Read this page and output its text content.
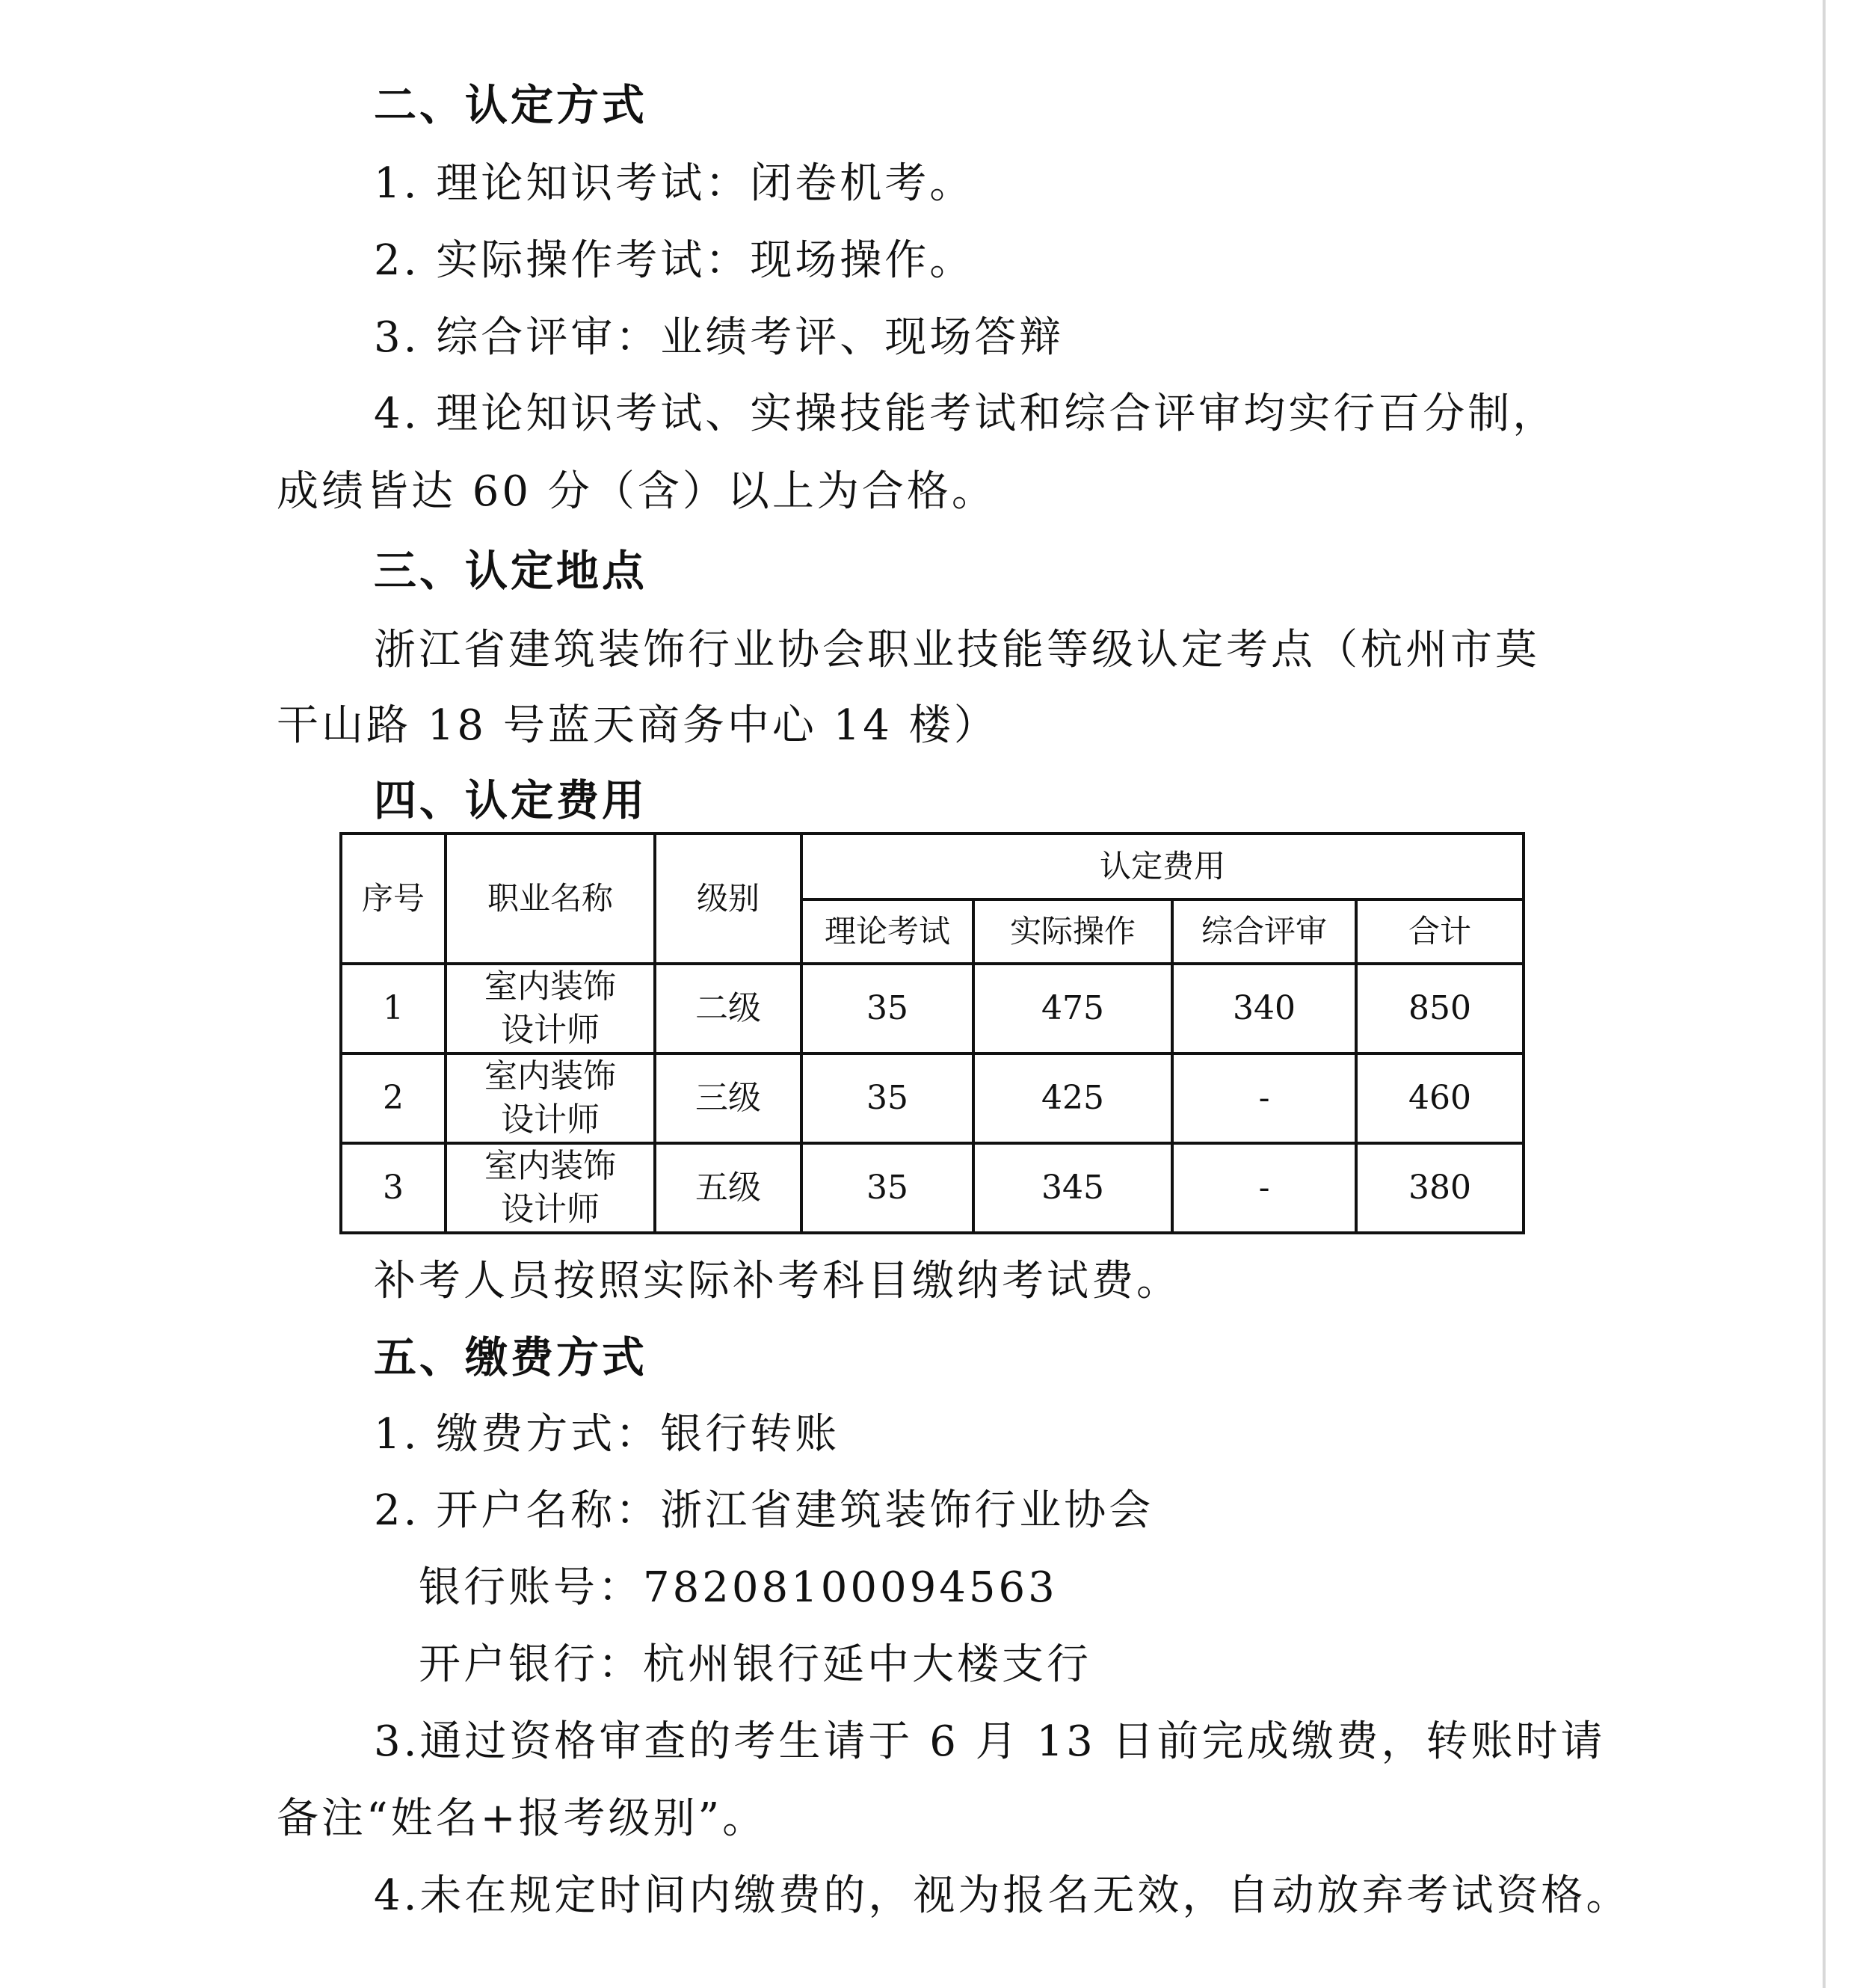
二、认定方式
1. 理论知识考试：闭卷机考。
2. 实际操作考试：现场操作。
3. 综合评审：业绩考评、现场答辩
4. 理论知识考试、实操技能考试和综合评审均实行百分制，
成绩皆达 60 分（含）以上为合格。
三、认定地点
浙江省建筑装饰行业协会职业技能等级认定考点（杭州市莫
干山路 18 号蓝天商务中心 14 楼）
四、认定费用
序号	职业名称	级别	认定费用			
			理论考试	实际操作	综合评审	合计
1	室内装饰
设计师	二级	35	475	340	850
2	室内装饰
设计师	三级	35	425	-	460
3	室内装饰
设计师	五级	35	345	-	380
补考人员按照实际补考科目缴纳考试费。
五、缴费方式
1. 缴费方式：银行转账
2. 开户名称：浙江省建筑装饰行业协会
银行账号：78208100094563
开户银行：杭州银行延中大楼支行
3.通过资格审查的考生请于 6 月 13 日前完成缴费，转账时请
备注“姓名+报考级别”。
4.未在规定时间内缴费的，视为报名无效，自动放弃考试资格。
